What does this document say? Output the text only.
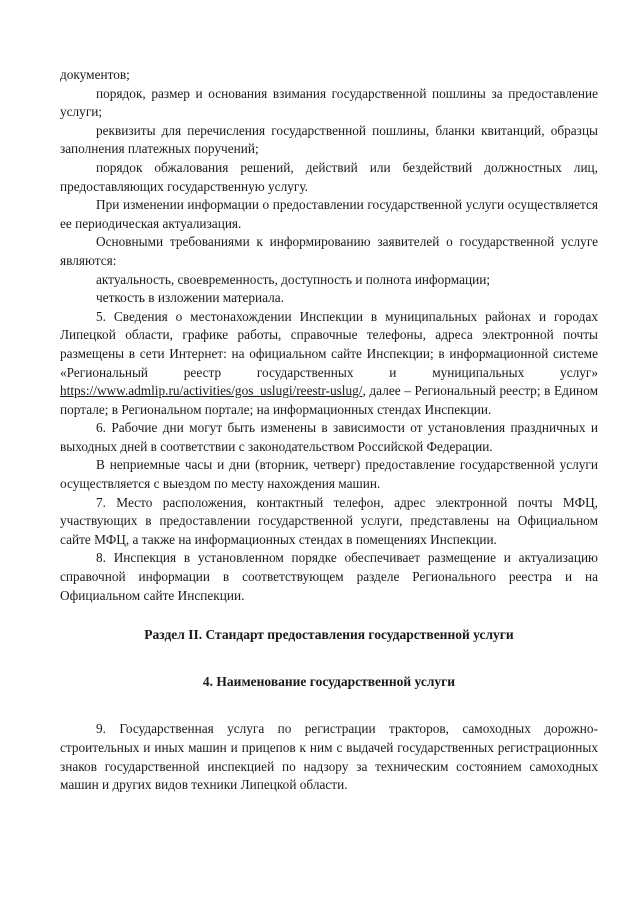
документов;

порядок, размер и основания взимания государственной пошлины за предоставление услуги;

реквизиты для перечисления государственной пошлины, бланки квитанций, образцы заполнения платежных поручений;

порядок обжалования решений, действий или бездействий должностных лиц, предоставляющих государственную услугу.

При изменении информации о предоставлении государственной услуги осуществляется ее периодическая актуализация.

Основными требованиями к информированию заявителей о государственной услуге являются:

актуальность, своевременность, доступность и полнота информации;

четкость в изложении материала.

5. Сведения о местонахождении Инспекции в муниципальных районах и городах Липецкой области, графике работы, справочные телефоны, адреса электронной почты размещены в сети Интернет: на официальном сайте Инспекции; в информационной системе «Региональный реестр государственных и муниципальных услуг» https://www.admlip.ru/activities/gos_uslugi/reestr-uslug/, далее – Региональный реестр; в Едином портале; в Региональном портале; на информационных стендах Инспекции.

6. Рабочие дни могут быть изменены в зависимости от установления праздничных и выходных дней в соответствии с законодательством Российской Федерации.

В неприемные часы и дни (вторник, четверг) предоставление государственной услуги осуществляется с выездом по месту нахождения машин.

7. Место расположения, контактный телефон, адрес электронной почты МФЦ, участвующих в предоставлении государственной услуги, представлены на Официальном сайте МФЦ, а также на информационных стендах в помещениях Инспекции.

8. Инспекция в установленном порядке обеспечивает размещение и актуализацию справочной информации в соответствующем разделе Регионального реестра и на Официальном сайте Инспекции.

Раздел II. Стандарт предоставления государственной услуги
4. Наименование государственной услуги

9. Государственная услуга по регистрации тракторов, самоходных дорожно-строительных и иных машин и прицепов к ним с выдачей государственных регистрационных знаков государственной инспекцией по надзору за техническим состоянием самоходных машин и других видов техники Липецкой области.
